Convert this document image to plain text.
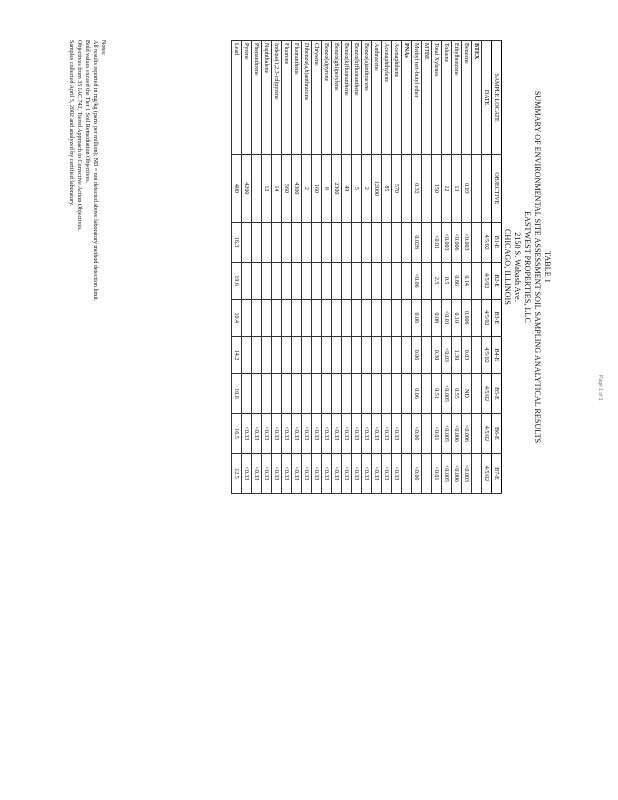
TABLE 1
SUMMARY OF ENVIRONMENTAL SITE ASSESSMENT SOIL SAMPLING ANALYTICAL RESULTS
EASTWEST PROPERTIES, LLC
2150 S. Wabash Ave.
CHICAGO, ILLINOIS
SAMPLE LOCATE	OBJECTIVE	B1-E	B2-E	B3-E	B4-E	B5-E	B6-E	B7-E
DATE		4/5/02	4/5/02	4/5/02	4/5/02	4/5/02	4/5/02	4/5/02
BTEX								
Benzene	0.03	<0.003	0.14	0.006	0.03	ND	<0.006	<0.003
Ethylbenzene	13	<0.006	0.86	0.10	1.30	0.55	<0.006	<0.006
Toluene	12	<0.003	0.5	<0.01	<0.03	<0.005	<0.005	<0.005
Total Xylenes	150	<0.01	2.5	0.08	0.30	0.51	<0.01	<0.01
MTBE								
Methyl tert-butyl ether	0.32	0.028	<0.06	0.06	0.06	0.06	<0.06	<0.06
PNAs								
Acenaphthene	570						<0.33	<0.33
Acenaphthylene	85						<0.33	<0.33
Anthracene	12000						<0.33	<0.33
Benzo(a)anthracene	2						<0.33	<0.33
Benzo(b)fluoranthene	5						<0.33	<0.33
Benzo(k)fluoranthene	49						<0.33	<0.33
Benzo(ghi)perylene	2300						<0.33	<0.33
Benzo(a)pyrene	8						<0.33	<0.33
Chrysene	160						<0.33	<0.33
Dibenzo(a,h)anthracene	2						<0.33	<0.33
Fluoranthene	4300						<0.33	<0.33
Fluorene	560						<0.33	<0.33
Indeno(1,2,3-cd)pyrene	14						<0.33	<0.33
Naphthalene	12						<0.33	<0.33
Phenanthrene							<0.33	<0.33
Pyrene	4200						<0.33	<0.33
Lead	400	16.3	19.6	10.4	14.2	10.6	16.5	12.5
Notes:
All results reported in mg/kg (parts per million); ND = not detected above laboratory method detection limit.
Bold values exceed the Tier 1 Soil Remediation Objectives.
Objectives from 35 IAC 742, Tiered Approach to Corrective Action Objectives.
Samples collected April 5, 2002 and analyzed by certified laboratory.
Page 1 of 1
